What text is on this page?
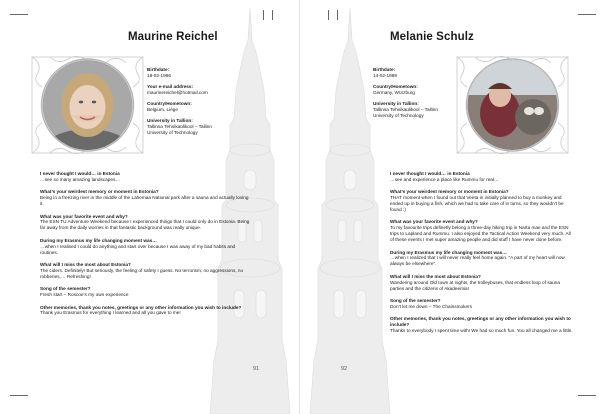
Maurine Reichel
Birthdate:
18-02-1996
Your e-mail address:
maurinereichel@hotmail.com
Country/Hometown:
Belgium, Liège
University in Tallinn:
Tallinna Tehnikaülikool – Tallinn University of Technology
I never thought I would… in Estonia
…see so many amazing landscapes…
What’s your weirdest memory or moment in Estonia?
Being in a freezing river in the middle of the Lahemaa National park after a sauna and actually loving it.
What was your favorite event and why?
The ESN TU Adventure Weekend because I experienced things that I could only do in Estonia. Being far away from the daily worries in that fantastic background was really unique.
During my Erasmus my life changing moment was…
…when I realised I could do anything and start over because I was away of my bad habits and routines.
What will I miss the most about Estonia?
The ciders. Definitely! But seriously, the feeling of safety I guess. No terrorism, no aggressions, no robberies,… Refreshing!
Song of the semester?
Fresh start – Roscoe’s my own experience
Other memories, thank you notes, greetings or any other information you wish to include?
Thank you Erasmus for everything I learned and all you gave to me!
91
Melanie Schulz
Birthdate:
14-02-1989
Country/Hometown:
Germany, Würzburg
University in Tallinn:
Tallinna Tehnikaülikool – Tallinn University of Technology
I never thought I would… in Estonia
…see and experience a place like Rummu for real…
What’s your weirdest memory or moment in Estonia?
THAT moment when I found out that Veeta in initially planned to buy a monkey and ended up in buying a fish, which we had to take care of in turns, so they wouldn’t be found :)
What was your favorite event and why?
To my favourite trips definetly belong a three-day hiking trip in Narta mae and the ESN trips to Lapland and Rummu. I also enjoyed the Tactical Action Weekend very much. All of these events I met super amazing people and did stuff I have never done before.
During my Erasmus my life changing moment was…
…when I realized that I will never really feel home again. “A part of my heart will now always be elsewhere”.
What will I miss the most about Estonia?
Wandering around Old town at nights, the trolleybuses, that endless loop of sauna parties and the citizens of Akadeemia!
Song of the semester?
Don’t let me down – The Chainsmokers
Other memories, thank you notes, greetings or any other information you wish to include?
Thanks to everybody I spent time with! We had so much fun. You all changed me a little.
92
